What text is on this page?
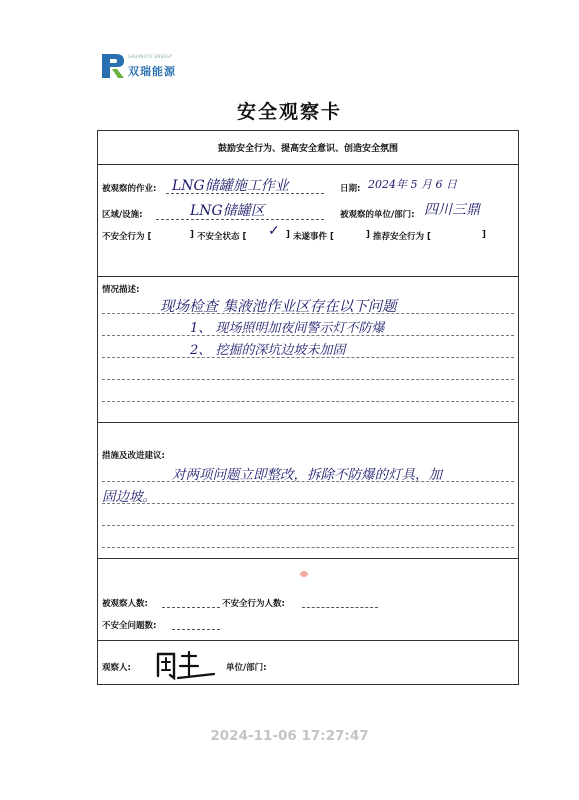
SHUANGYU ENERGY
双瑞能源
安全观察卡
鼓励安全行为、提高安全意识、创造安全氛围
被观察的作业: LNG储罐施工作业	日期: 2024年 5 月 6 日
区域/设施:	LNG储罐区	被观察的单位/部门: 四川三鼎
不安全行为 [	] 不安全状态 [ ✓ ] 未遂事件 [	] 推荐安全行为 [	]
情况描述:
现场检查 集液池作业区存在以下问题
1、 现场照明加夜间警示灯不防爆
2、 挖掘的深坑边坡未加固
措施及改进建议:
对两项问题立即整改，拆除不防爆的灯具，加
固边坡。
被观察人数:	不安全行为人数:
不安全问题数:
观察人:	单位/部门:
2024-11-06 17:27:47
